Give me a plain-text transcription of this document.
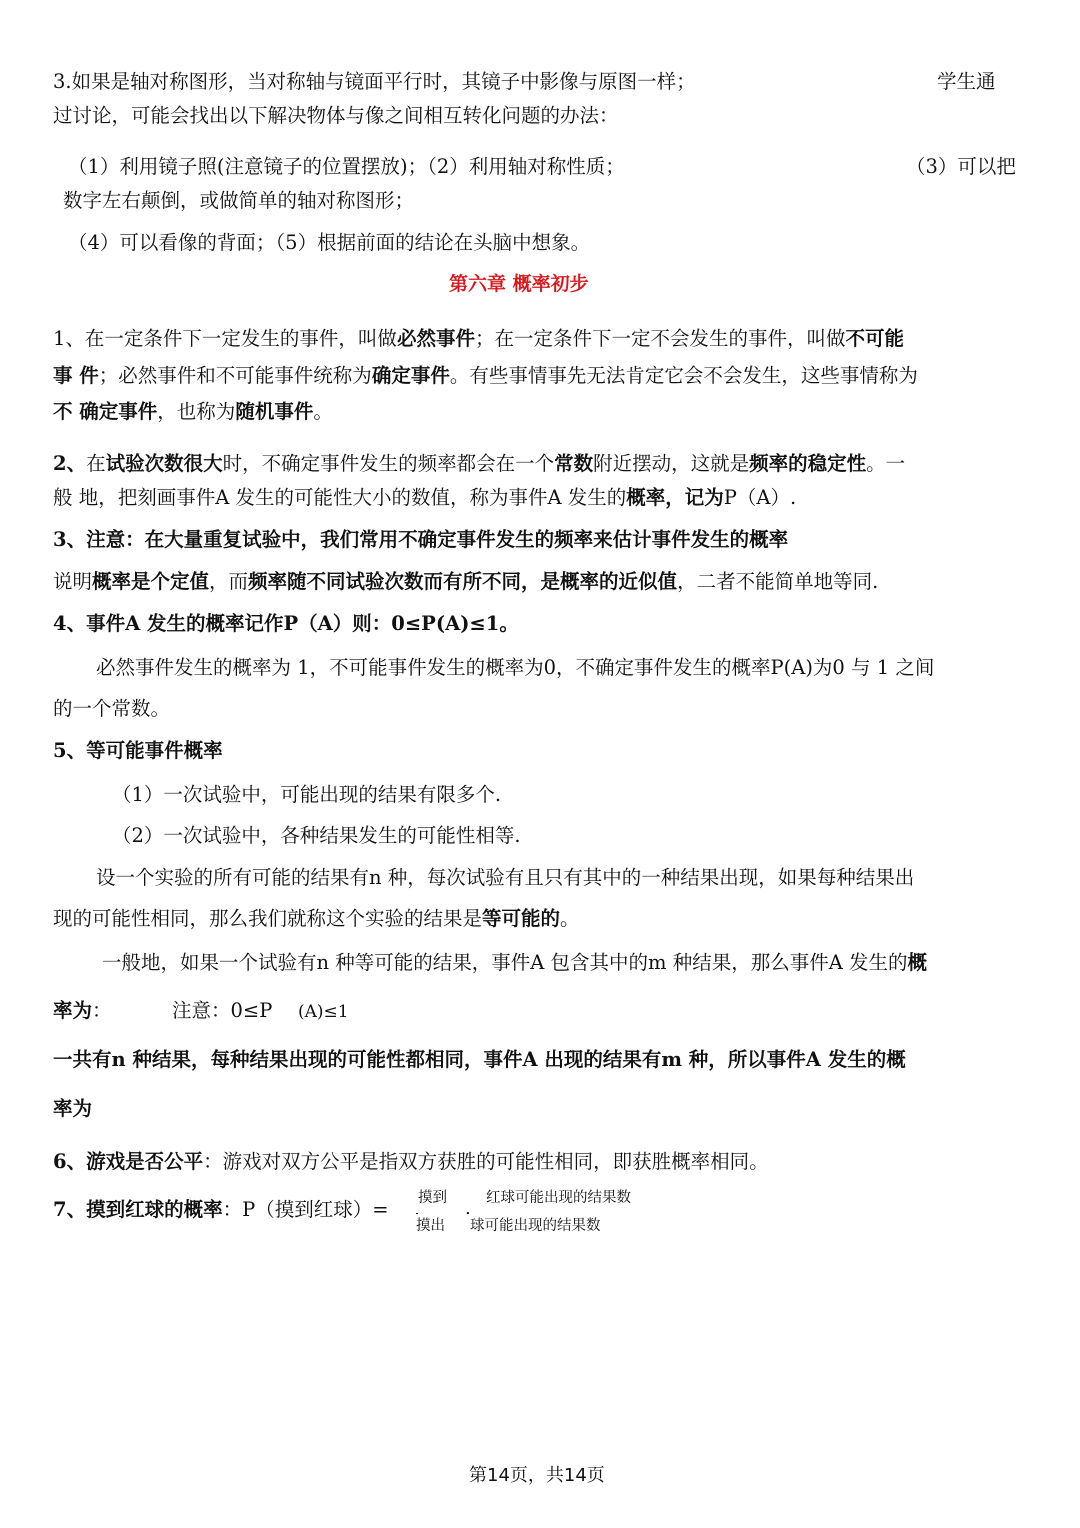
3.如果是轴对称图形，当对称轴与镜面平行时，其镜子中影像与原图一样；	学生通
过讨论，可能会找出以下解决物体与像之间相互转化问题的办法：
（1）利用镜子照(注意镜子的位置摆放)；（2）利用轴对称性质；	（3）可以把
数字左右颠倒，或做简单的轴对称图形；
（4）可以看像的背面；（5）根据前面的结论在头脑中想象。
第六章 概率初步
1、在一定条件下一定发生的事件，叫做必然事件；在一定条件下一定不会发生的事件，叫做不可能
事 件；必然事件和不可能事件统称为确定事件。有些事情事先无法肯定它会不会发生，这些事情称为
不 确定事件，也称为随机事件。
2、在试验次数很大时，不确定事件发生的频率都会在一个常数附近摆动，这就是频率的稳定性。一
般 地，把刻画事件A 发生的可能性大小的数值，称为事件A 发生的概率，记为P（A）.
3、注意：在大量重复试验中，我们常用不确定事件发生的频率来估计事件发生的概率
说明概率是个定值，而频率随不同试验次数而有所不同，是概率的近似值，二者不能简单地等同.
4、事件A 发生的概率记作P（A）则：0≤P(A)≤1。
必然事件发生的概率为 1，不可能事件发生的概率为0，不确定事件发生的概率P(A)为0 与 1 之间
的一个常数。
5、等可能事件概率
（1）一次试验中，可能出现的结果有限多个.
（2）一次试验中，各种结果发生的可能性相等.
设一个实验的所有可能的结果有n 种，每次试验有且只有其中的一种结果出现，如果每种结果出
现的可能性相同，那么我们就称这个实验的结果是等可能的。
一般地，如果一个试验有n 种等可能的结果，事件A 包含其中的m 种结果，那么事件A 发生的概
率为：	注意：0≤P (A)≤1
一共有n 种结果，每种结果出现的可能性都相同，事件A 出现的结果有m 种，所以事件A 发生的概
率为
6、游戏是否公平：游戏对双方公平是指双方获胜的可能性相同，即获胜概率相同。
7、摸到红球的概率：P（摸到红球）= 摸到	红球可能出现的结果数
.
摸出 球可能出现的结果数
第14页，共14页
